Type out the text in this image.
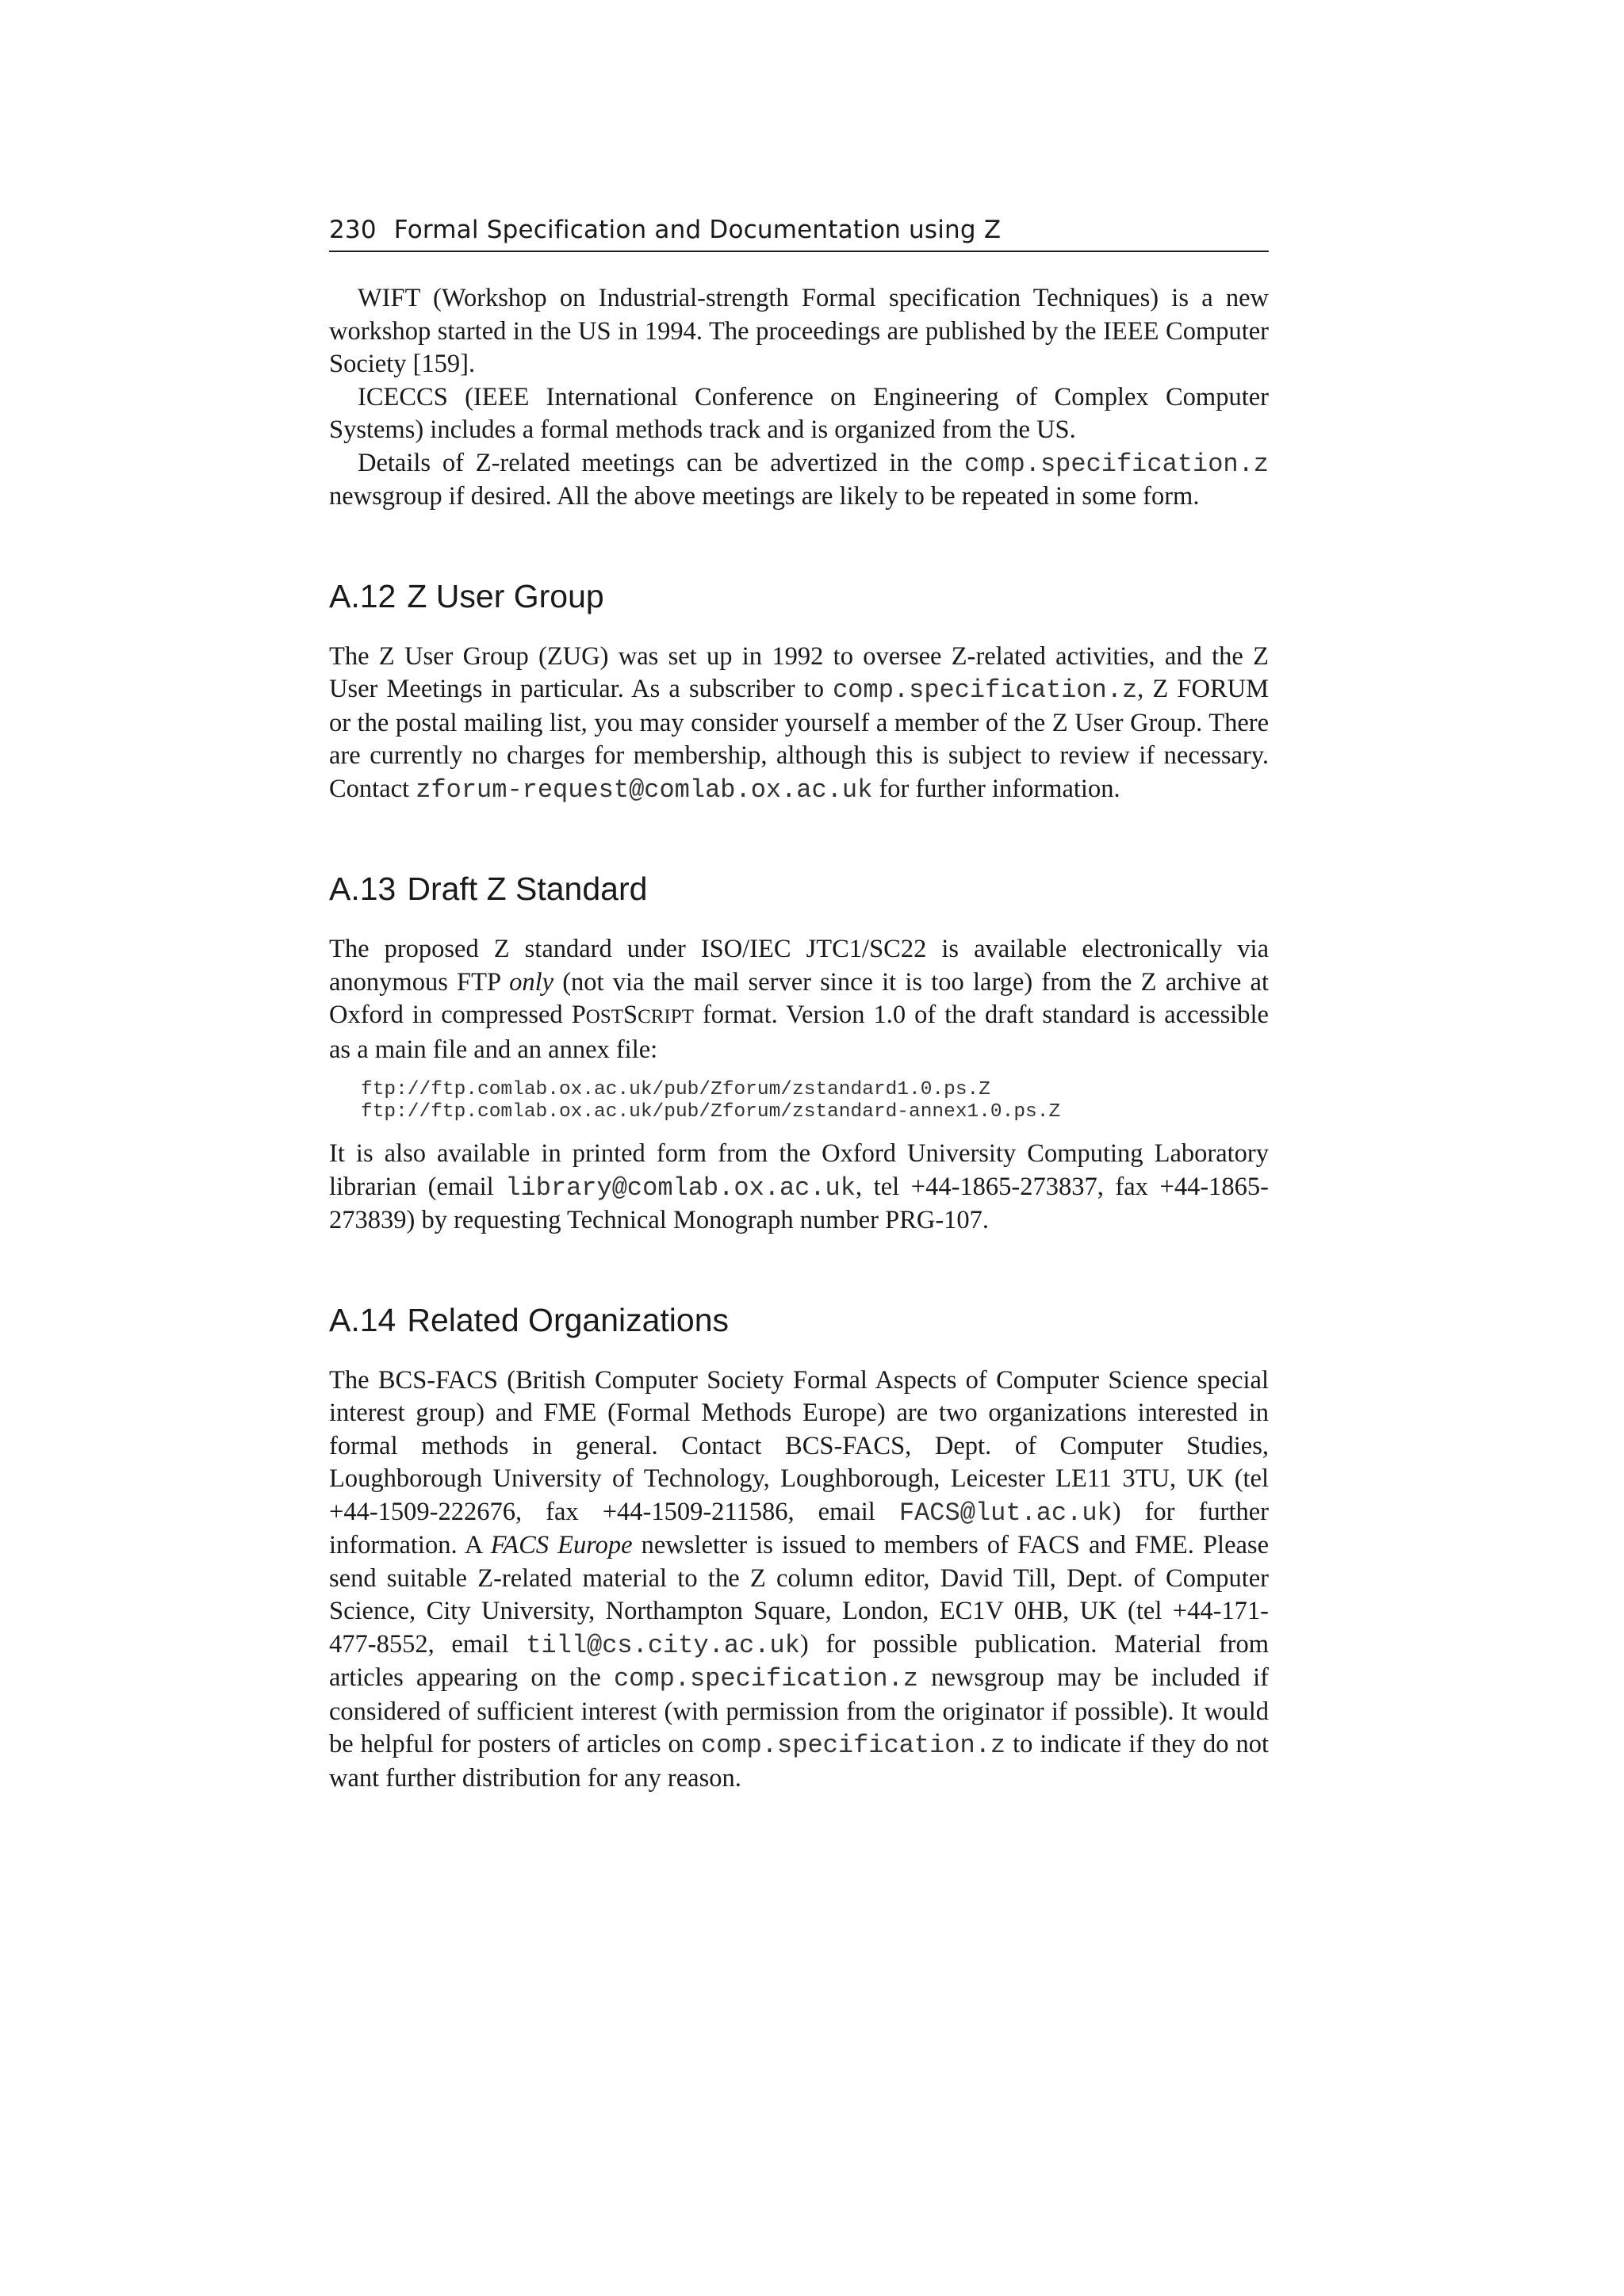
230 Formal Specification and Documentation using Z

WIFT (Workshop on Industrial-strength Formal specification Techniques) is a new workshop started in the US in 1994. The proceedings are published by the IEEE Computer Society [159].

ICECCS (IEEE International Conference on Engineering of Complex Computer Systems) includes a formal methods track and is organized from the US.

Details of Z-related meetings can be advertized in the comp.specification.z newsgroup if desired. All the above meetings are likely to be repeated in some form.

A.12 Z User Group

The Z User Group (ZUG) was set up in 1992 to oversee Z-related activities, and the Z User Meetings in particular. As a subscriber to comp.specification.z, Z FORUM or the postal mailing list, you may consider yourself a member of the Z User Group. There are currently no charges for membership, although this is subject to review if necessary. Contact zforum-request@comlab.ox.ac.uk for further information.

A.13 Draft Z Standard

The proposed Z standard under ISO/IEC JTC1/SC22 is available electronically via anonymous FTP only (not via the mail server since it is too large) from the Z archive at Oxford in compressed POSTSCRIPT format. Version 1.0 of the draft standard is accessible as a main file and an annex file:

ftp://ftp.comlab.ox.ac.uk/pub/Zforum/zstandard1.0.ps.Z
ftp://ftp.comlab.ox.ac.uk/pub/Zforum/zstandard-annex1.0.ps.Z

It is also available in printed form from the Oxford University Computing Laboratory librarian (email library@comlab.ox.ac.uk, tel +44-1865-273837, fax +44-1865-273839) by requesting Technical Monograph number PRG-107.

A.14 Related Organizations

The BCS-FACS (British Computer Society Formal Aspects of Computer Science special interest group) and FME (Formal Methods Europe) are two organizations interested in formal methods in general. Contact BCS-FACS, Dept. of Computer Studies, Loughborough University of Technology, Loughborough, Leicester LE11 3TU, UK (tel +44-1509-222676, fax +44-1509-211586, email FACS@lut.ac.uk) for further information. A FACS Europe newsletter is issued to members of FACS and FME. Please send suitable Z-related material to the Z column editor, David Till, Dept. of Computer Science, City University, Northampton Square, London, EC1V 0HB, UK (tel +44-171-477-8552, email till@cs.city.ac.uk) for possible publication. Material from articles appearing on the comp.specification.z newsgroup may be included if considered of sufficient interest (with permission from the originator if possible). It would be helpful for posters of articles on comp.specification.z to indicate if they do not want further distribution for any reason.
